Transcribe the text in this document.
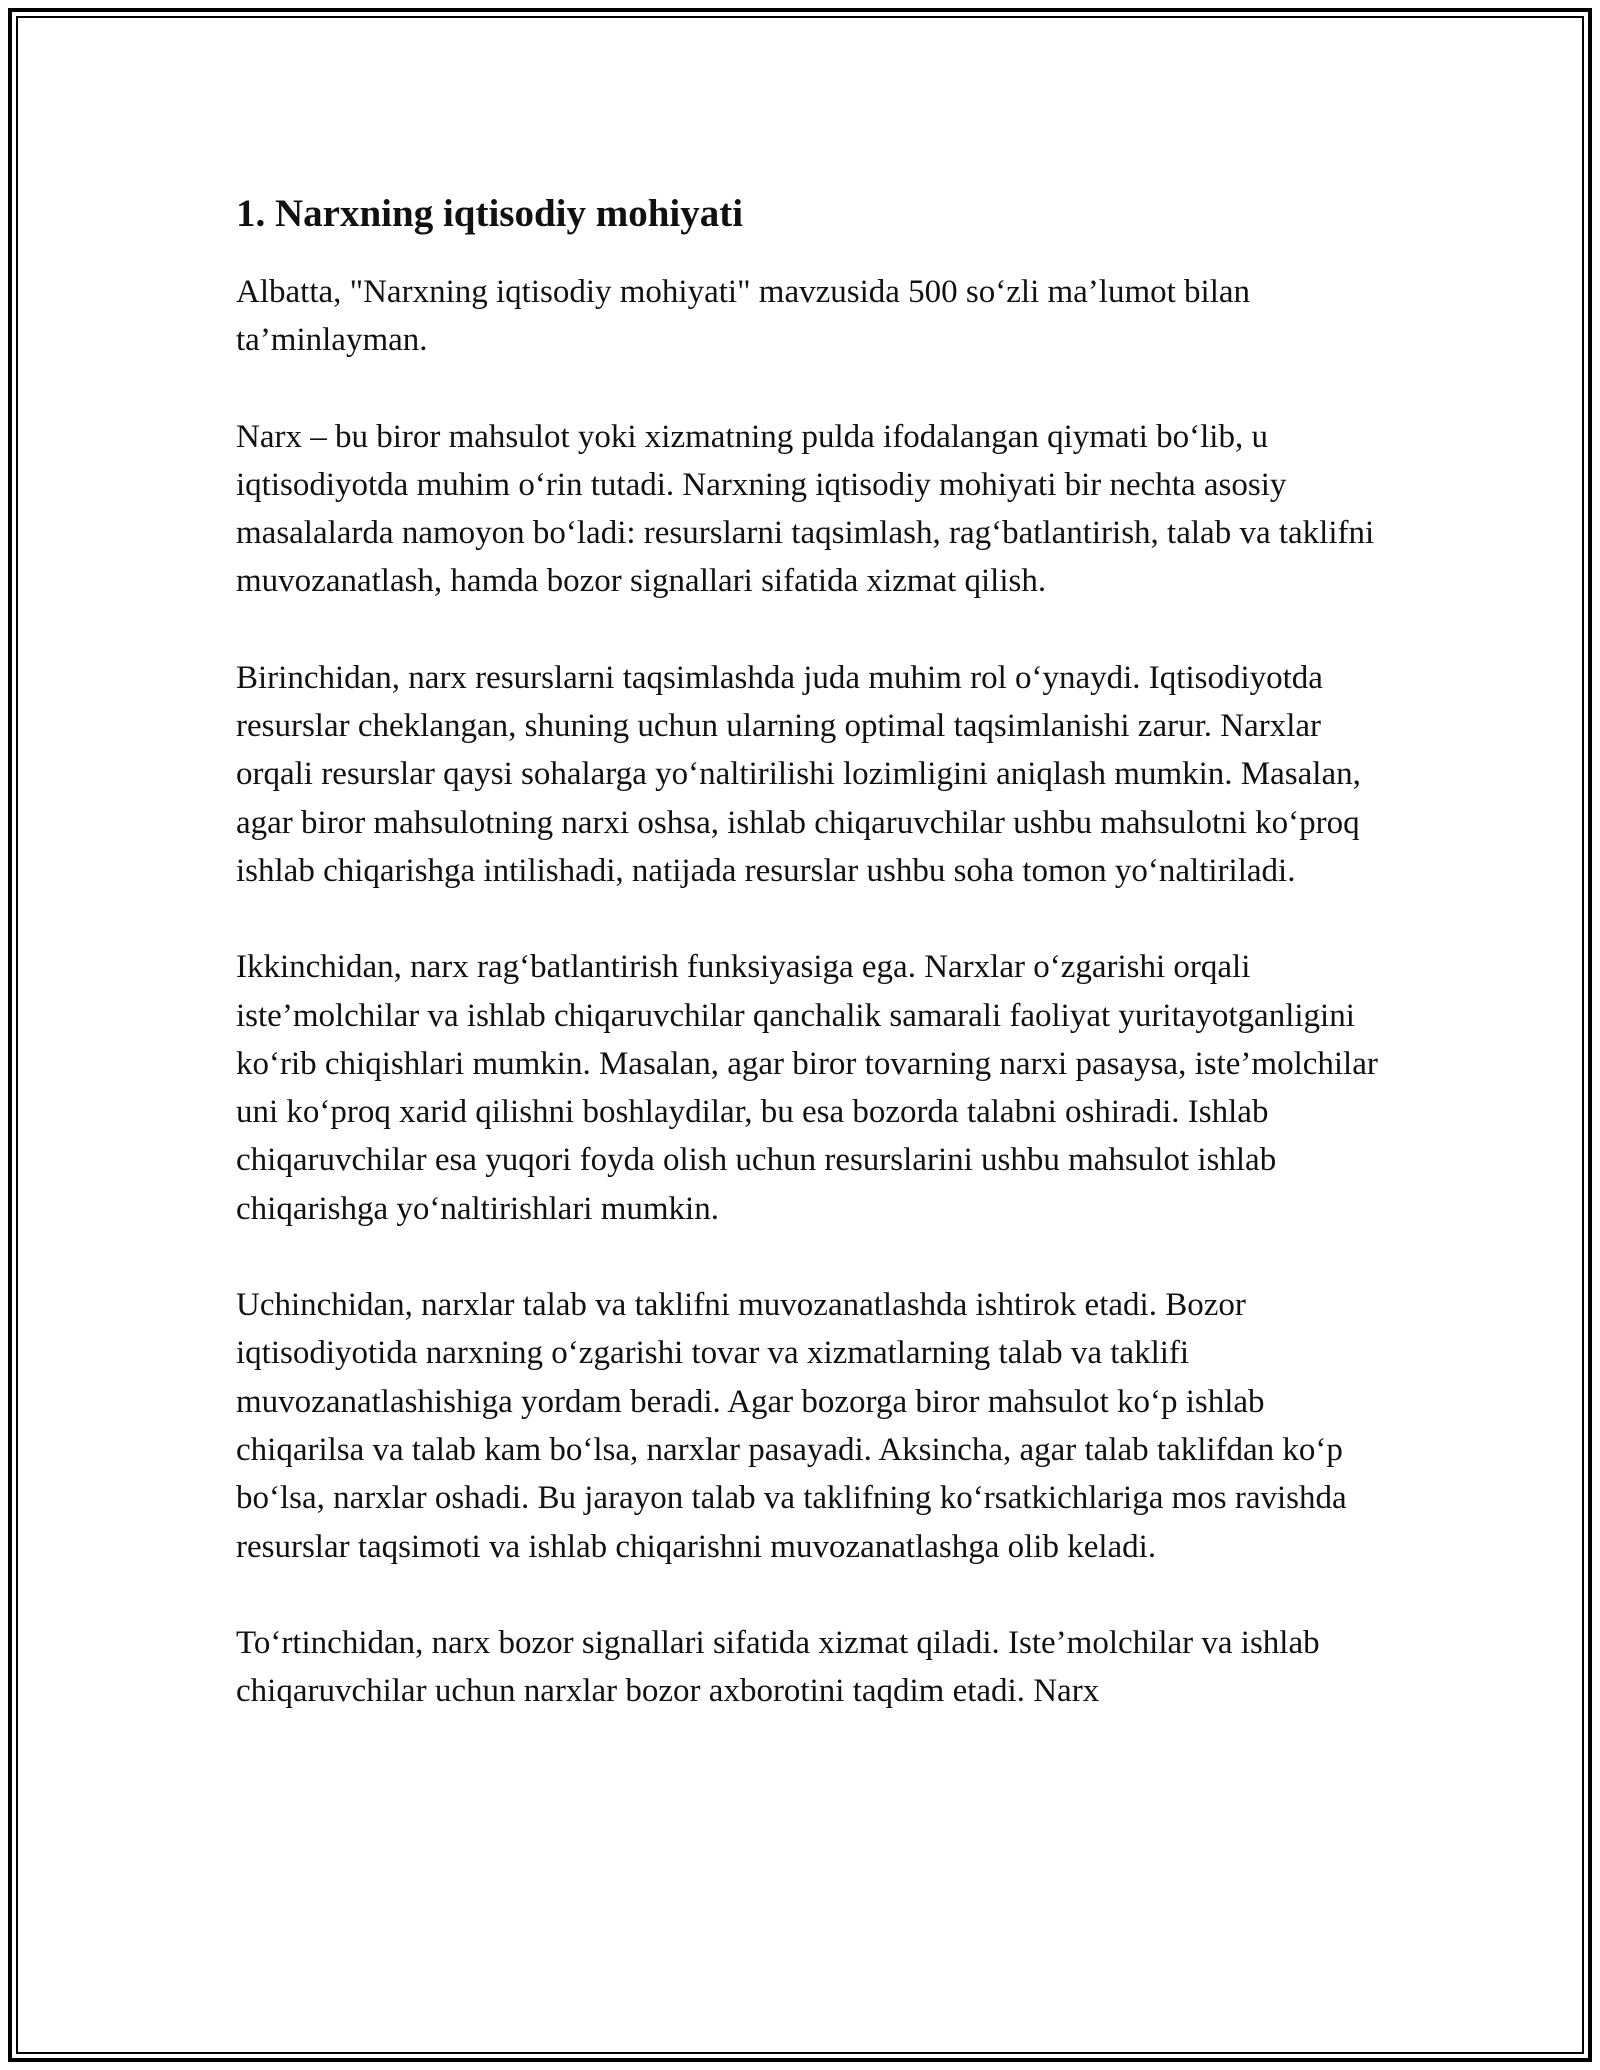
1. Narxning iqtisodiy mohiyati

Albatta, "Narxning iqtisodiy mohiyati" mavzusida 500 so‘zli ma’lumot bilan ta’minlayman.

Narx – bu biror mahsulot yoki xizmatning pulda ifodalangan qiymati bo‘lib, u iqtisodiyotda muhim o‘rin tutadi. Narxning iqtisodiy mohiyati bir nechta asosiy masalalarda namoyon bo‘ladi: resurslarni taqsimlash, rag‘batlantirish, talab va taklifni muvozanatlash, hamda bozor signallari sifatida xizmat qilish.

Birinchidan, narx resurslarni taqsimlashda juda muhim rol o‘ynaydi. Iqtisodiyotda resurslar cheklangan, shuning uchun ularning optimal taqsimlanishi zarur. Narxlar orqali resurslar qaysi sohalarga yo‘naltirilishi lozimligini aniqlash mumkin. Masalan, agar biror mahsulotning narxi oshsa, ishlab chiqaruvchilar ushbu mahsulotni ko‘proq ishlab chiqarishga intilishadi, natijada resurslar ushbu soha tomon yo‘naltiriladi.

Ikkinchidan, narx rag‘batlantirish funksiyasiga ega. Narxlar o‘zgarishi orqali iste’molchilar va ishlab chiqaruvchilar qanchalik samarali faoliyat yuritayotganligini ko‘rib chiqishlari mumkin. Masalan, agar biror tovarning narxi pasaysa, iste’molchilar uni ko‘proq xarid qilishni boshlaydilar, bu esa bozorda talabni oshiradi. Ishlab chiqaruvchilar esa yuqori foyda olish uchun resurslarini ushbu mahsulot ishlab chiqarishga yo‘naltirishlari mumkin.

Uchinchidan, narxlar talab va taklifni muvozanatlashda ishtirok etadi. Bozor iqtisodiyotida narxning o‘zgarishi tovar va xizmatlarning talab va taklifi muvozanatlashishiga yordam beradi. Agar bozorga biror mahsulot ko‘p ishlab chiqarilsa va talab kam bo‘lsa, narxlar pasayadi. Aksincha, agar talab taklifdan ko‘p bo‘lsa, narxlar oshadi. Bu jarayon talab va taklifning ko‘rsatkichlariga mos ravishda resurslar taqsimoti va ishlab chiqarishni muvozanatlashga olib keladi.

To‘rtinchidan, narx bozor signallari sifatida xizmat qiladi. Iste’molchilar va ishlab chiqaruvchilar uchun narxlar bozor axborotini taqdim etadi. Narx
